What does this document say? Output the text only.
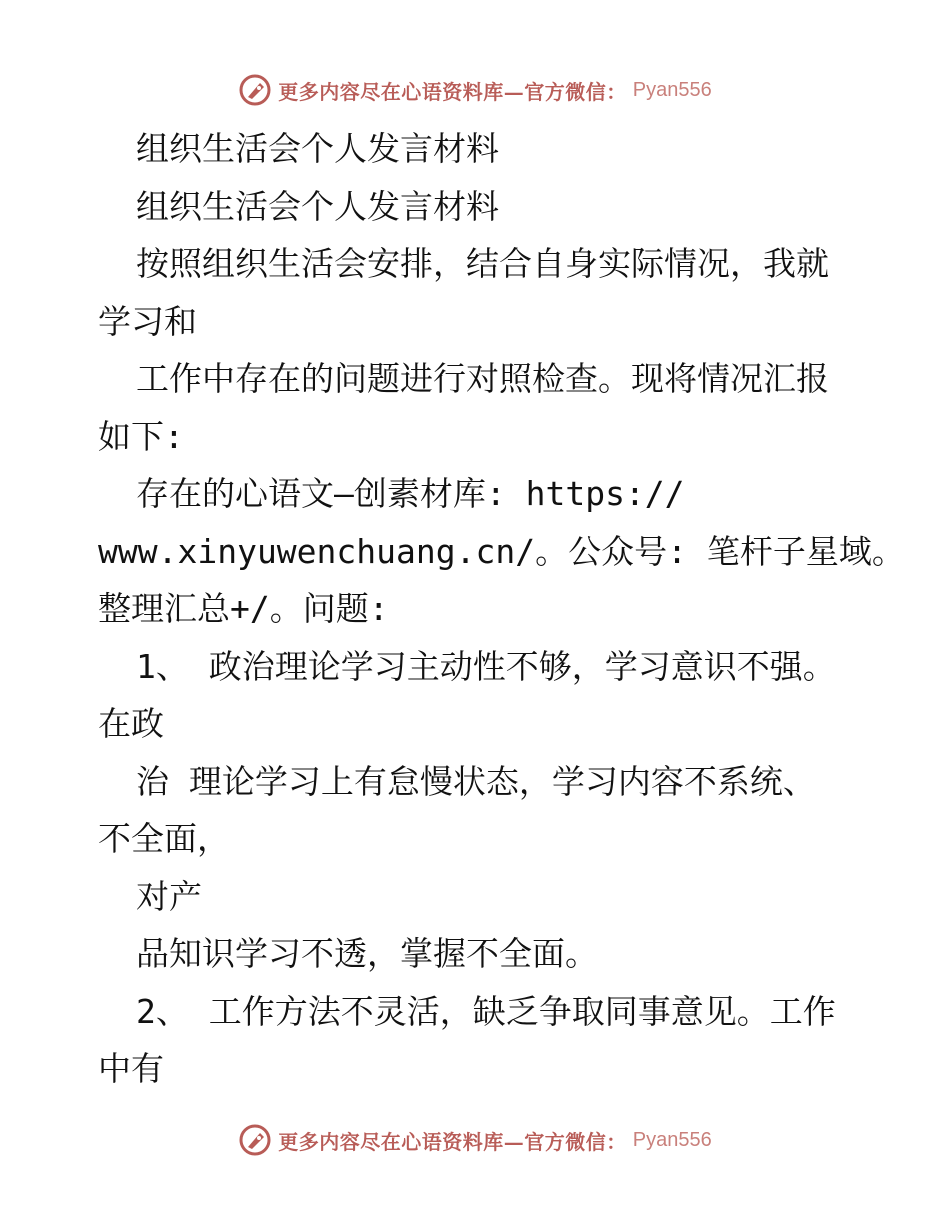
更多内容尽在心语资料库—官方微信： Pyan556
组织生活会个人发言材料
组织生活会个人发言材料
按照组织生活会安排，结合自身实际情况，我就
学习和
工作中存在的问题进行对照检查。现将情况汇报
如下:
存在的心语文—创素材库: https://
www.xinyuwenchuang.cn/。公众号: 笔杆子星域。
整理汇总+/。问题:
1、 政治理论学习主动性不够，学习意识不强。
在政
治 理论学习上有怠慢状态，学习内容不系统、
不全面，
对产
品知识学习不透，掌握不全面。
2、 工作方法不灵活，缺乏争取同事意见。工作
中有
更多内容尽在心语资料库—官方微信： Pyan556
